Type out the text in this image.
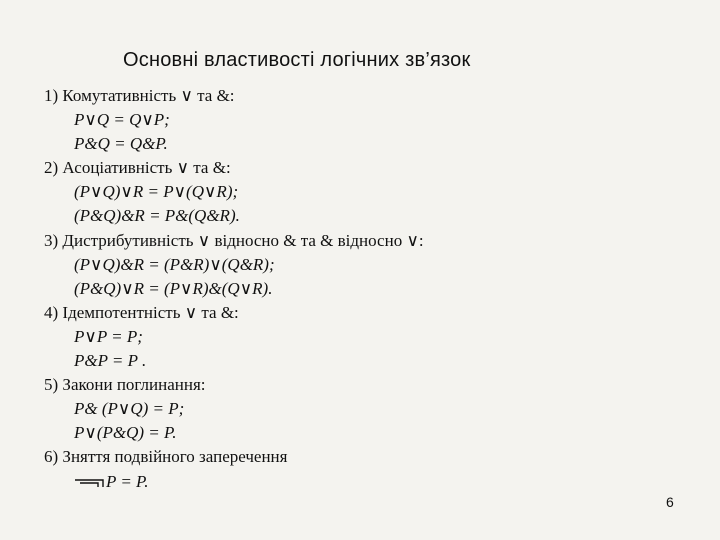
Основні властивості логічних зв’язок
1) Комутативність ∨ та &:
P∨Q = Q∨P;
P&Q = Q&P.
2) Асоціативність ∨ та &:
(P∨Q)∨R = P∨(Q∨R);
(P&Q)&R = P&(Q&R).
3) Дистрибутивність ∨ відносно & та & відносно ∨:
(P∨Q)&R = (P&R)∨(Q&R);
(P&Q)∨R = (P∨R)&(Q∨R).
4) Ідемпотентність ∨ та &:
P∨P = P;
P&P = P .
5) Закони поглинання:
P& (P∨Q) = P;
P∨(P&Q) = P.
6) Зняття подвійного заперечення
P = P.
6
